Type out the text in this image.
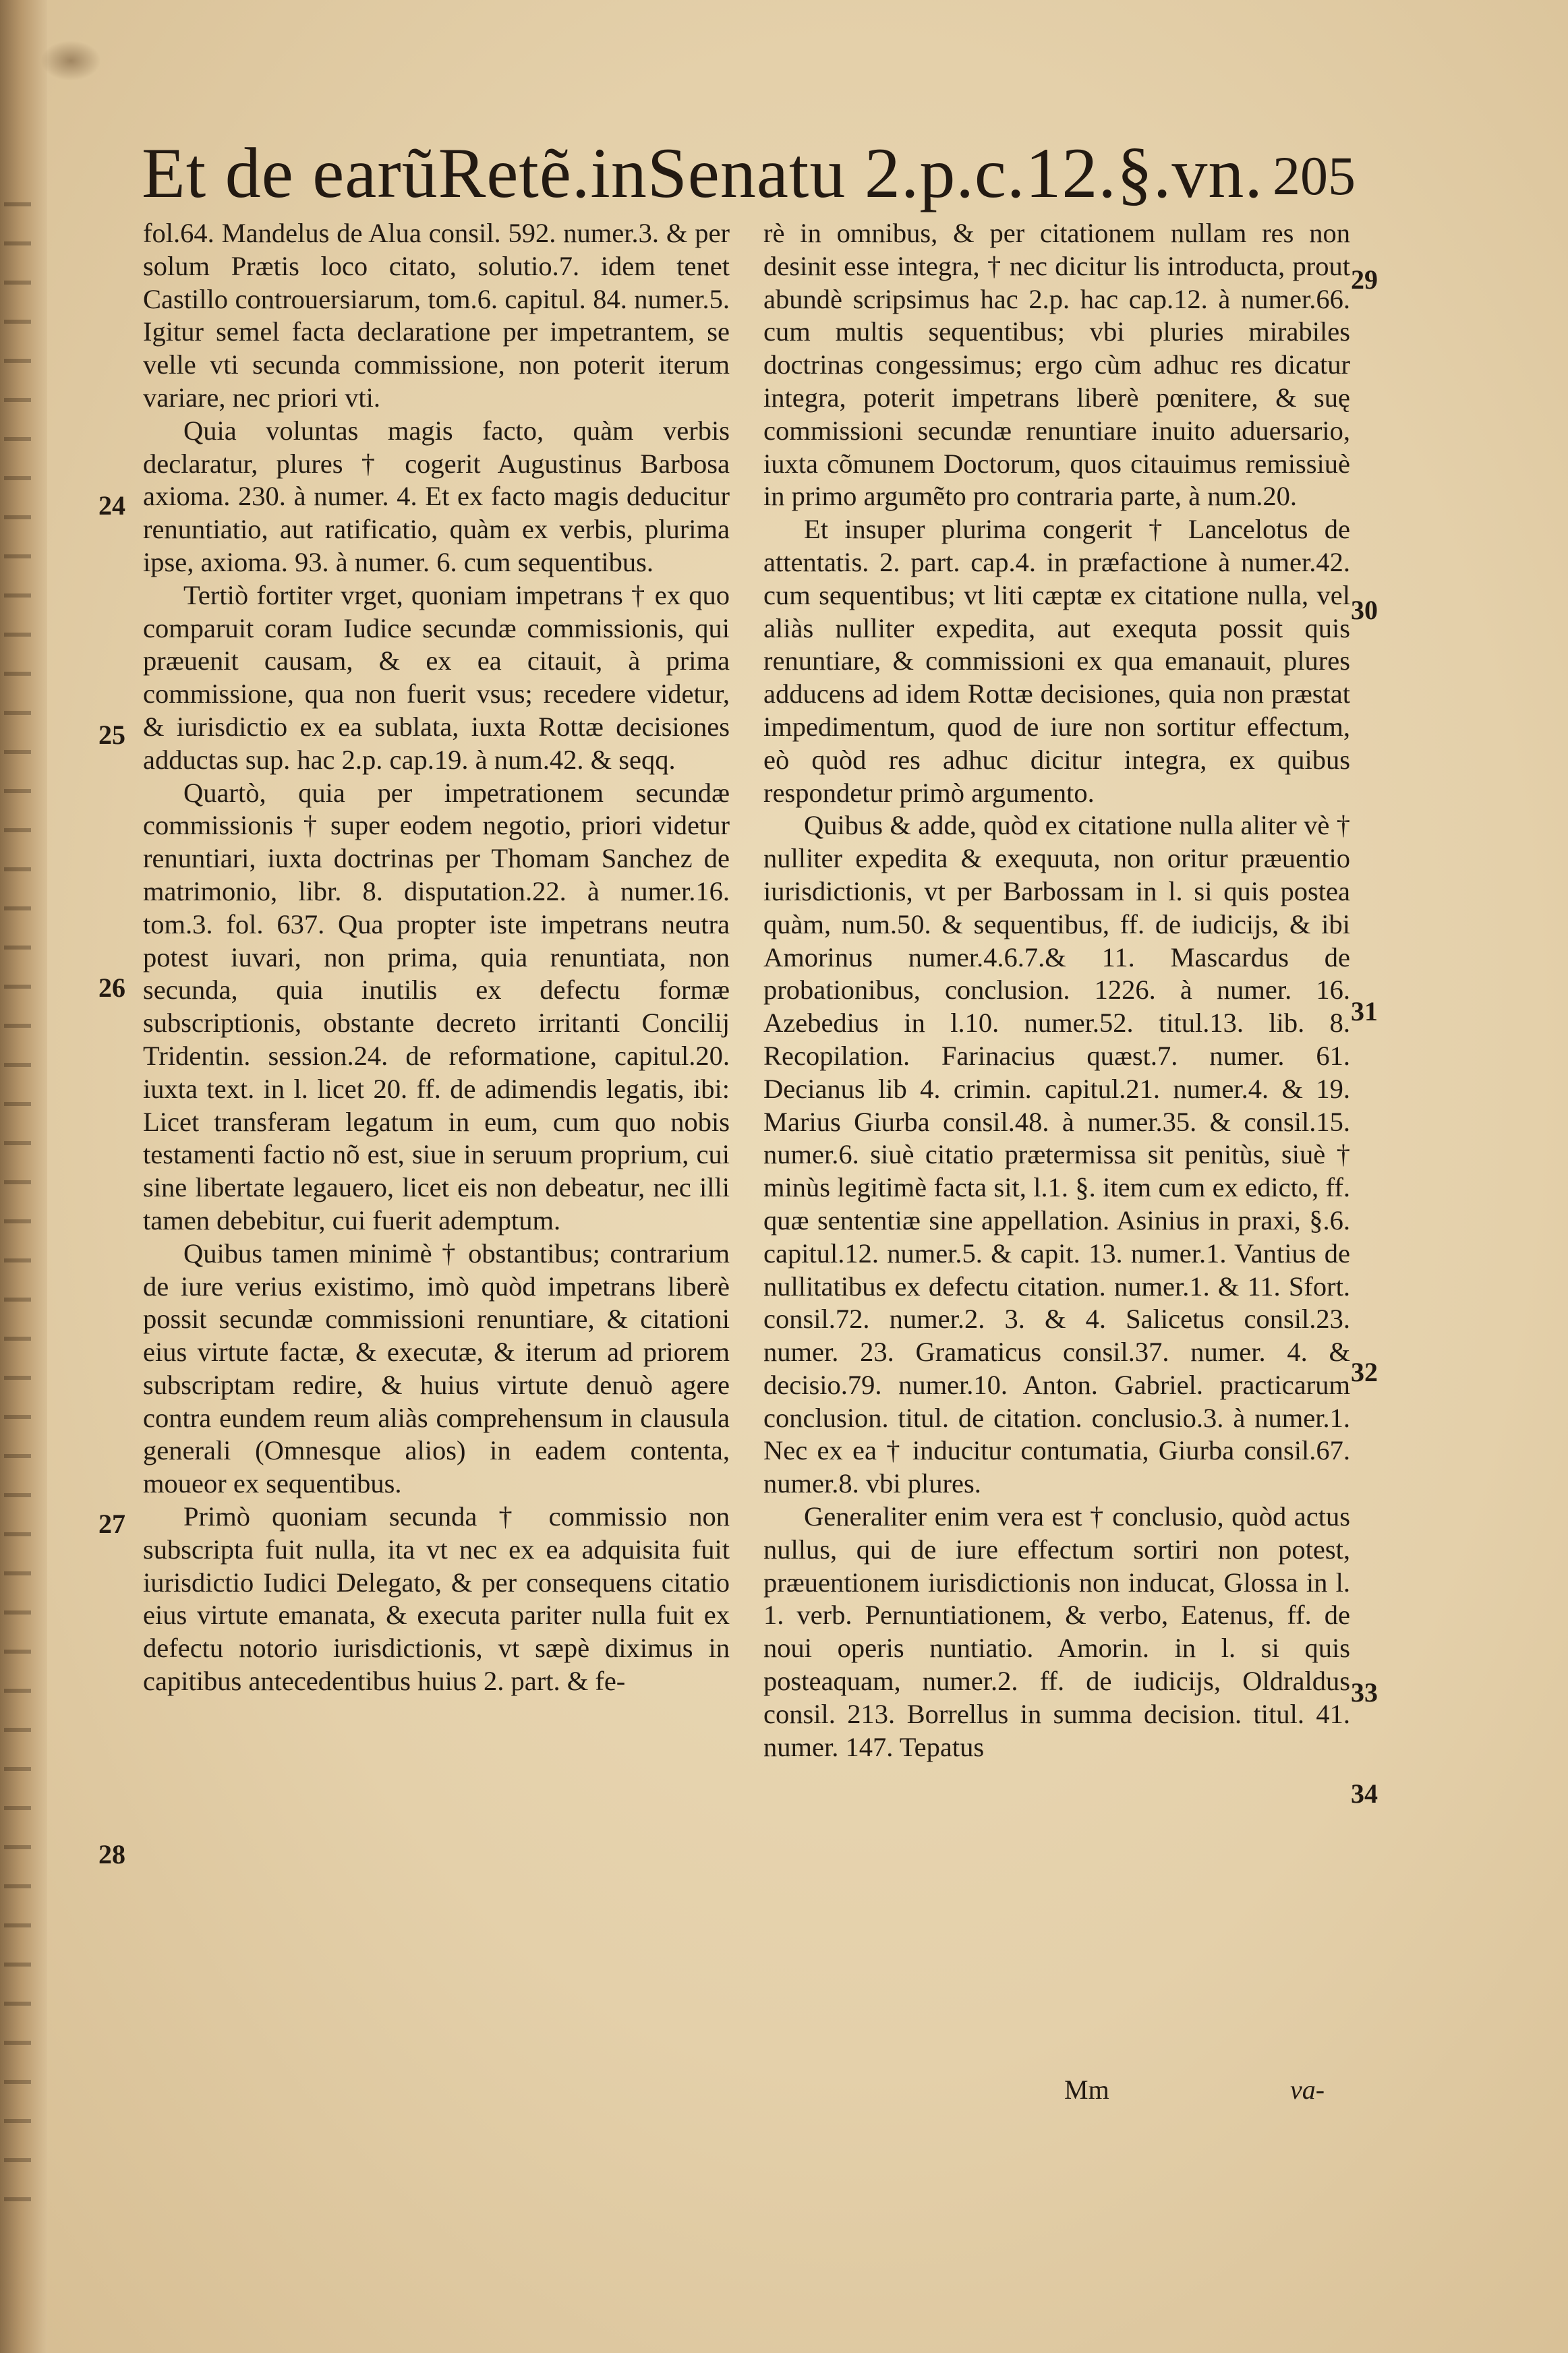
Et de earũRetẽ.inSenatu 2.p.c.12.§.vn. 205

fol.64. Mandelus de Alua consil. 592. numer.3. & per solum Prætis loco citato, solutio.7. idem tenet Castillo controuersiarum, tom.6. capitul. 84. numer.5. Igitur semel facta declaratione per impetrantem, se velle vti secunda commissione, non poterit iterum variare, nec priori vti.

Quia voluntas magis facto, quàm verbis declaratur, plures † cogerit Augustinus Barbosa axioma. 230. à numer. 4. Et ex facto magis deducitur renuntiatio, aut ratificatio, quàm ex verbis, plurima ipse, axioma. 93. à numer. 6. cum sequentibus.

Tertiò fortiter vrget, quoniam impetrans † ex quo comparuit coram Iudice secundæ commissionis, qui præuenit causam, & ex ea citauit, à prima commissione, qua non fuerit vsus; recedere videtur, & iurisdictio ex ea sublata, iuxta Rottæ decisiones adductas sup. hac 2.p. cap.19. à num.42. & seqq.

Quartò, quia per impetrationem secundæ commissionis † super eodem negotio, priori videtur renuntiari, iuxta doctrinas per Thomam Sanchez de matrimonio, libr. 8. disputation.22. à numer.16. tom.3. fol. 637. Qua propter iste impetrans neutra potest iuvari, non prima, quia renuntiata, non secunda, quia inutilis ex defectu formæ subscriptionis, obstante decreto irritanti Concilij Tridentin. session.24. de reformatione, capitul.20. iuxta text. in l. licet 20. ff. de adimendis legatis, ibi: Licet transferam legatum in eum, cum quo nobis testamenti factio nõ est, siue in seruum proprium, cui sine libertate legauero, licet eis non debeatur, nec illi tamen debebitur, cui fuerit ademptum.

Quibus tamen minimè † obstantibus; contrarium de iure verius existimo, imò quòd impetrans liberè possit secundæ commissioni renuntiare, & citationi eius virtute factæ, & executæ, & iterum ad priorem subscriptam redire, & huius virtute denuò agere contra eundem reum aliàs comprehensum in clausula generali (Omnesque alios) in eadem contenta, moueor ex sequentibus.

Primò quoniam secunda † commissio non subscripta fuit nulla, ita vt nec ex ea adquisita fuit iurisdictio Iudici Delegato, & per consequens citatio eius virtute emanata, & executa pariter nulla fuit ex defectu notorio iurisdictionis, vt sæpè diximus in capitibus antecedentibus huius 2. part. & fe-

24
25
26
27
28

rè in omnibus, & per citationem nullam res non desinit esse integra, † nec dicitur lis introducta, prout abundè scripsimus hac 2.p. hac cap.12. à numer.66. cum multis sequentibus; vbi pluries mirabiles doctrinas congessimus; ergo cùm adhuc res dicatur integra, poterit impetrans liberè pœnitere, & suę commissioni secundæ renuntiare inuito aduersario, iuxta cõmunem Doctorum, quos citauimus remissiuè in primo argumẽto pro contraria parte, à num.20.

Et insuper plurima congerit † Lancelotus de attentatis. 2. part. cap.4. in præfactione à numer.42. cum sequentibus; vt liti cæptæ ex citatione nulla, vel aliàs nulliter expedita, aut exequta possit quis renuntiare, & commissioni ex qua emanauit, plures adducens ad idem Rottæ decisiones, quia non præstat impedimentum, quod de iure non sortitur effectum, eò quòd res adhuc dicitur integra, ex quibus respondetur primò argumento.

Quibus & adde, quòd ex citatione nulla aliter vè † nulliter expedita & exequuta, non oritur præuentio iurisdictionis, vt per Barbossam in l. si quis postea quàm, num.50. & sequentibus, ff. de iudicijs, & ibi Amorinus numer.4.6.7.& 11. Mascardus de probationibus, conclusion. 1226. à numer. 16. Azebedius in l.10. numer.52. titul.13. lib. 8. Recopilation. Farinacius quæst.7. numer. 61. Decianus lib 4. crimin. capitul.21. numer.4. & 19. Marius Giurba consil.48. à numer.35. & consil.15. numer.6. siuè citatio prætermissa sit penitùs, siuè † minùs legitimè facta sit, l.1. §. item cum ex edicto, ff. quæ sententiæ sine appellation. Asinius in praxi, §.6. capitul.12. numer.5. & capit. 13. numer.1. Vantius de nullitatibus ex defectu citation. numer.1. & 11. Sfort. consil.72. numer.2. 3. & 4. Salicetus consil.23. numer. 23. Gramaticus consil.37. numer. 4. & decisio.79. numer.10. Anton. Gabriel. practicarum conclusion. titul. de citation. conclusio.3. à numer.1. Nec ex ea † inducitur contumatia, Giurba consil.67. numer.8. vbi plures.

Generaliter enim vera est † conclusio, quòd actus nullus, qui de iure effectum sortiri non potest, præuentionem iurisdictionis non inducat, Glossa in l. 1. verb. Pernuntiationem, & verbo, Eatenus, ff. de noui operis nuntiatio. Amorin. in l. si quis posteaquam, numer.2. ff. de iudicijs, Oldraldus consil. 213. Borrellus in summa decision. titul. 41. numer. 147. Tepatus

29
30
31
32
33
34
Mm	va-
